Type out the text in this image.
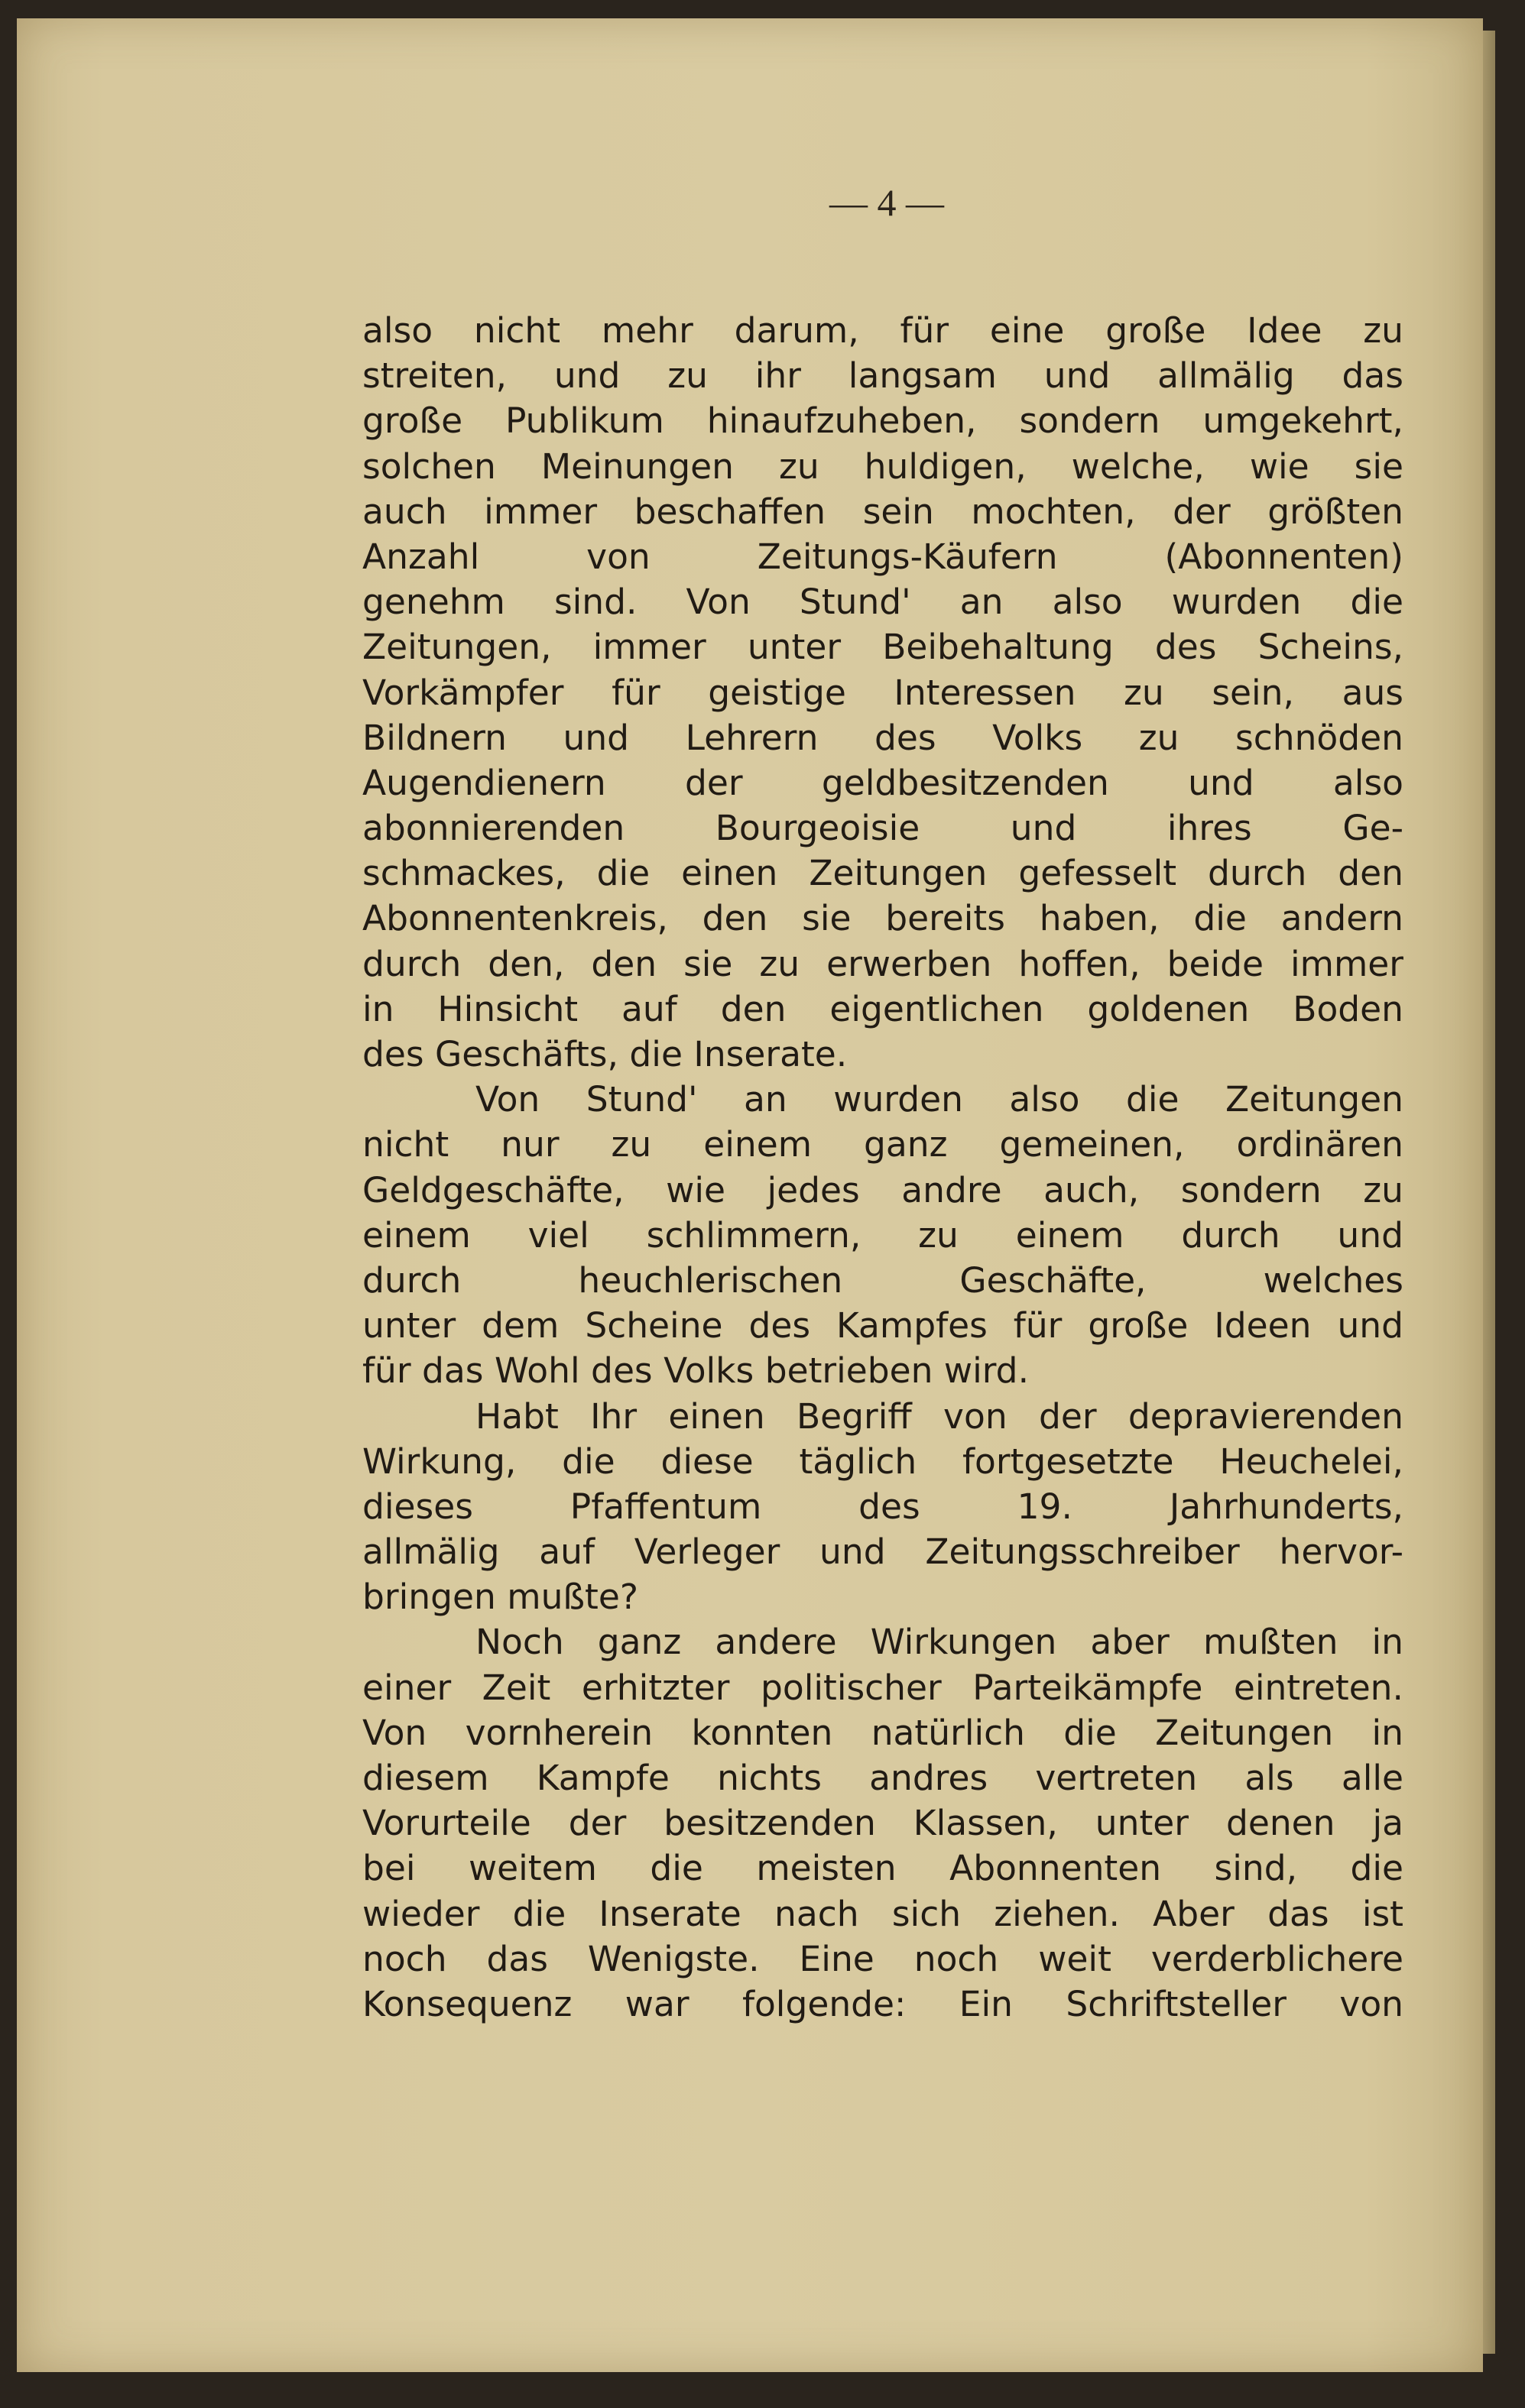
— 4 —
also nicht mehr darum, für eine große Idee zu
streiten, und zu ihr langsam und allmälig das
große Publikum hinaufzuheben, sondern umgekehrt,
solchen Meinungen zu huldigen, welche, wie sie
auch immer beschaffen sein mochten, der größten
Anzahl von Zeitungs-Käufern (Abonnenten)
genehm sind. Von Stund' an also wurden die
Zeitungen, immer unter Beibehaltung des Scheins,
Vorkämpfer für geistige Interessen zu sein, aus
Bildnern und Lehrern des Volks zu schnöden
Augendienern der geldbesitzenden und also
abonnierenden Bourgeoisie und ihres Ge-
schmackes, die einen Zeitungen gefesselt durch den
Abonnentenkreis, den sie bereits haben, die andern
durch den, den sie zu erwerben hoffen, beide immer
in Hinsicht auf den eigentlichen goldenen Boden
des Geschäfts, die Inserate.
Von Stund' an wurden also die Zeitungen
nicht nur zu einem ganz gemeinen, ordinären
Geldgeschäfte, wie jedes andre auch, sondern zu
einem viel schlimmern, zu einem durch und
durch heuchlerischen Geschäfte, welches
unter dem Scheine des Kampfes für große Ideen und
für das Wohl des Volks betrieben wird.
Habt Ihr einen Begriff von der depravierenden
Wirkung, die diese täglich fortgesetzte Heuchelei,
dieses Pfaffentum des 19. Jahrhunderts,
allmälig auf Verleger und Zeitungsschreiber hervor-
bringen mußte?
Noch ganz andere Wirkungen aber mußten in
einer Zeit erhitzter politischer Parteikämpfe eintreten.
Von vornherein konnten natürlich die Zeitungen in
diesem Kampfe nichts andres vertreten als alle
Vorurteile der besitzenden Klassen, unter denen ja
bei weitem die meisten Abonnenten sind, die
wieder die Inserate nach sich ziehen. Aber das ist
noch das Wenigste. Eine noch weit verderblichere
Konsequenz war folgende: Ein Schriftsteller von
